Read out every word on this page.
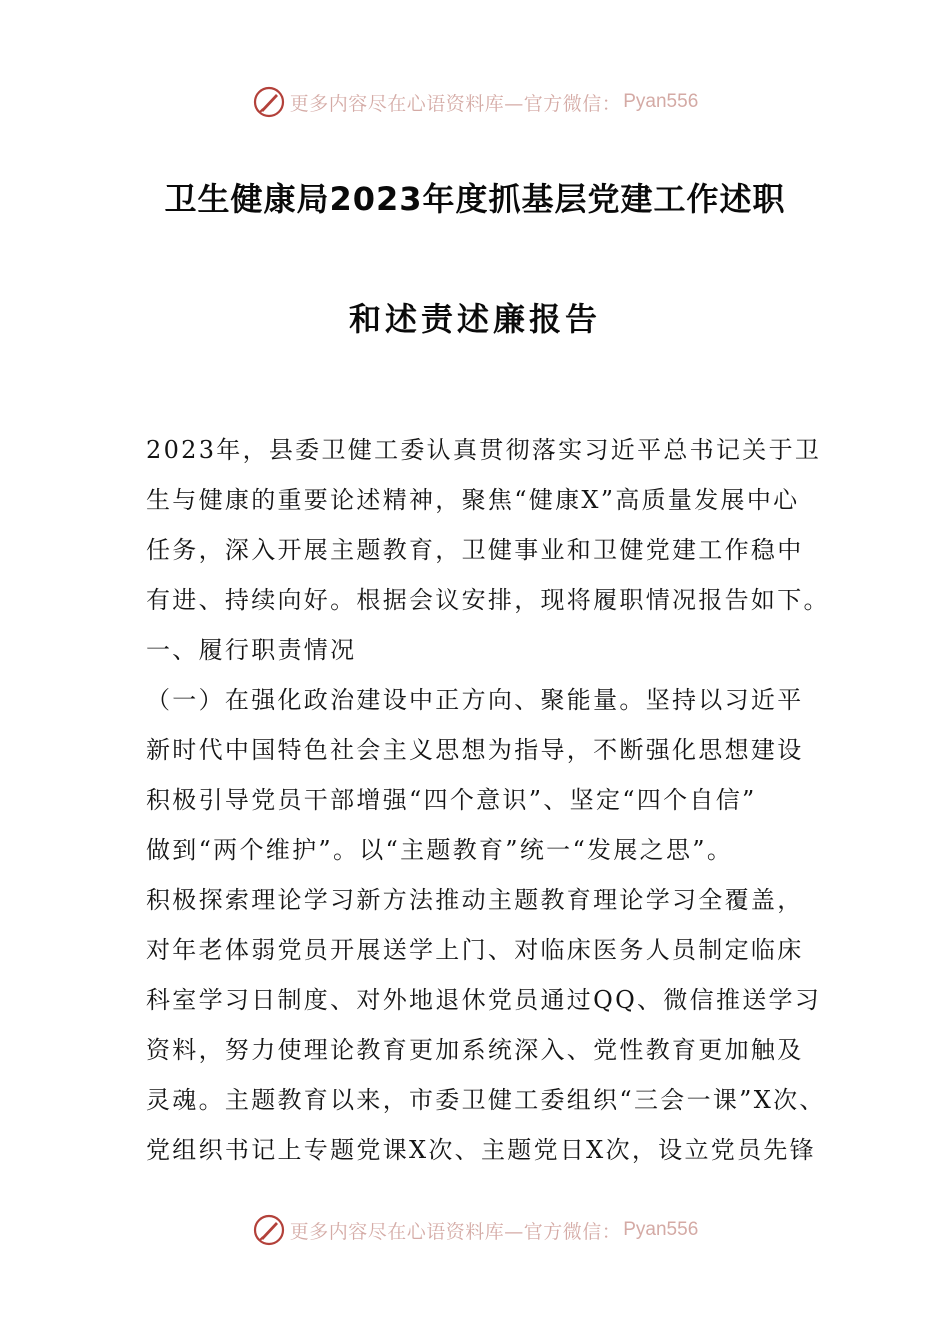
更多内容尽在心语资料库—官方微信： Pyan556
卫生健康局2023年度抓基层党建工作述职
和述责述廉报告
2023年，县委卫健工委认真贯彻落实习近平总书记关于卫
生与健康的重要论述精神，聚焦“健康X”高质量发展中心
任务，深入开展主题教育，卫健事业和卫健党建工作稳中
有进、持续向好。根据会议安排，现将履职情况报告如下。
一、履行职责情况
（一）在强化政治建设中正方向、聚能量。坚持以习近平
新时代中国特色社会主义思想为指导，不断强化思想建设
积极引导党员干部增强“四个意识”、坚定“四个自信”
做到“两个维护”。以“主题教育”统一“发展之思”。
积极探索理论学习新方法推动主题教育理论学习全覆盖，
对年老体弱党员开展送学上门、对临床医务人员制定临床
科室学习日制度、对外地退休党员通过QQ、微信推送学习
资料，努力使理论教育更加系统深入、党性教育更加触及
灵魂。主题教育以来，市委卫健工委组织“三会一课”X次、
党组织书记上专题党课X次、主题党日X次，设立党员先锋
更多内容尽在心语资料库—官方微信： Pyan556
